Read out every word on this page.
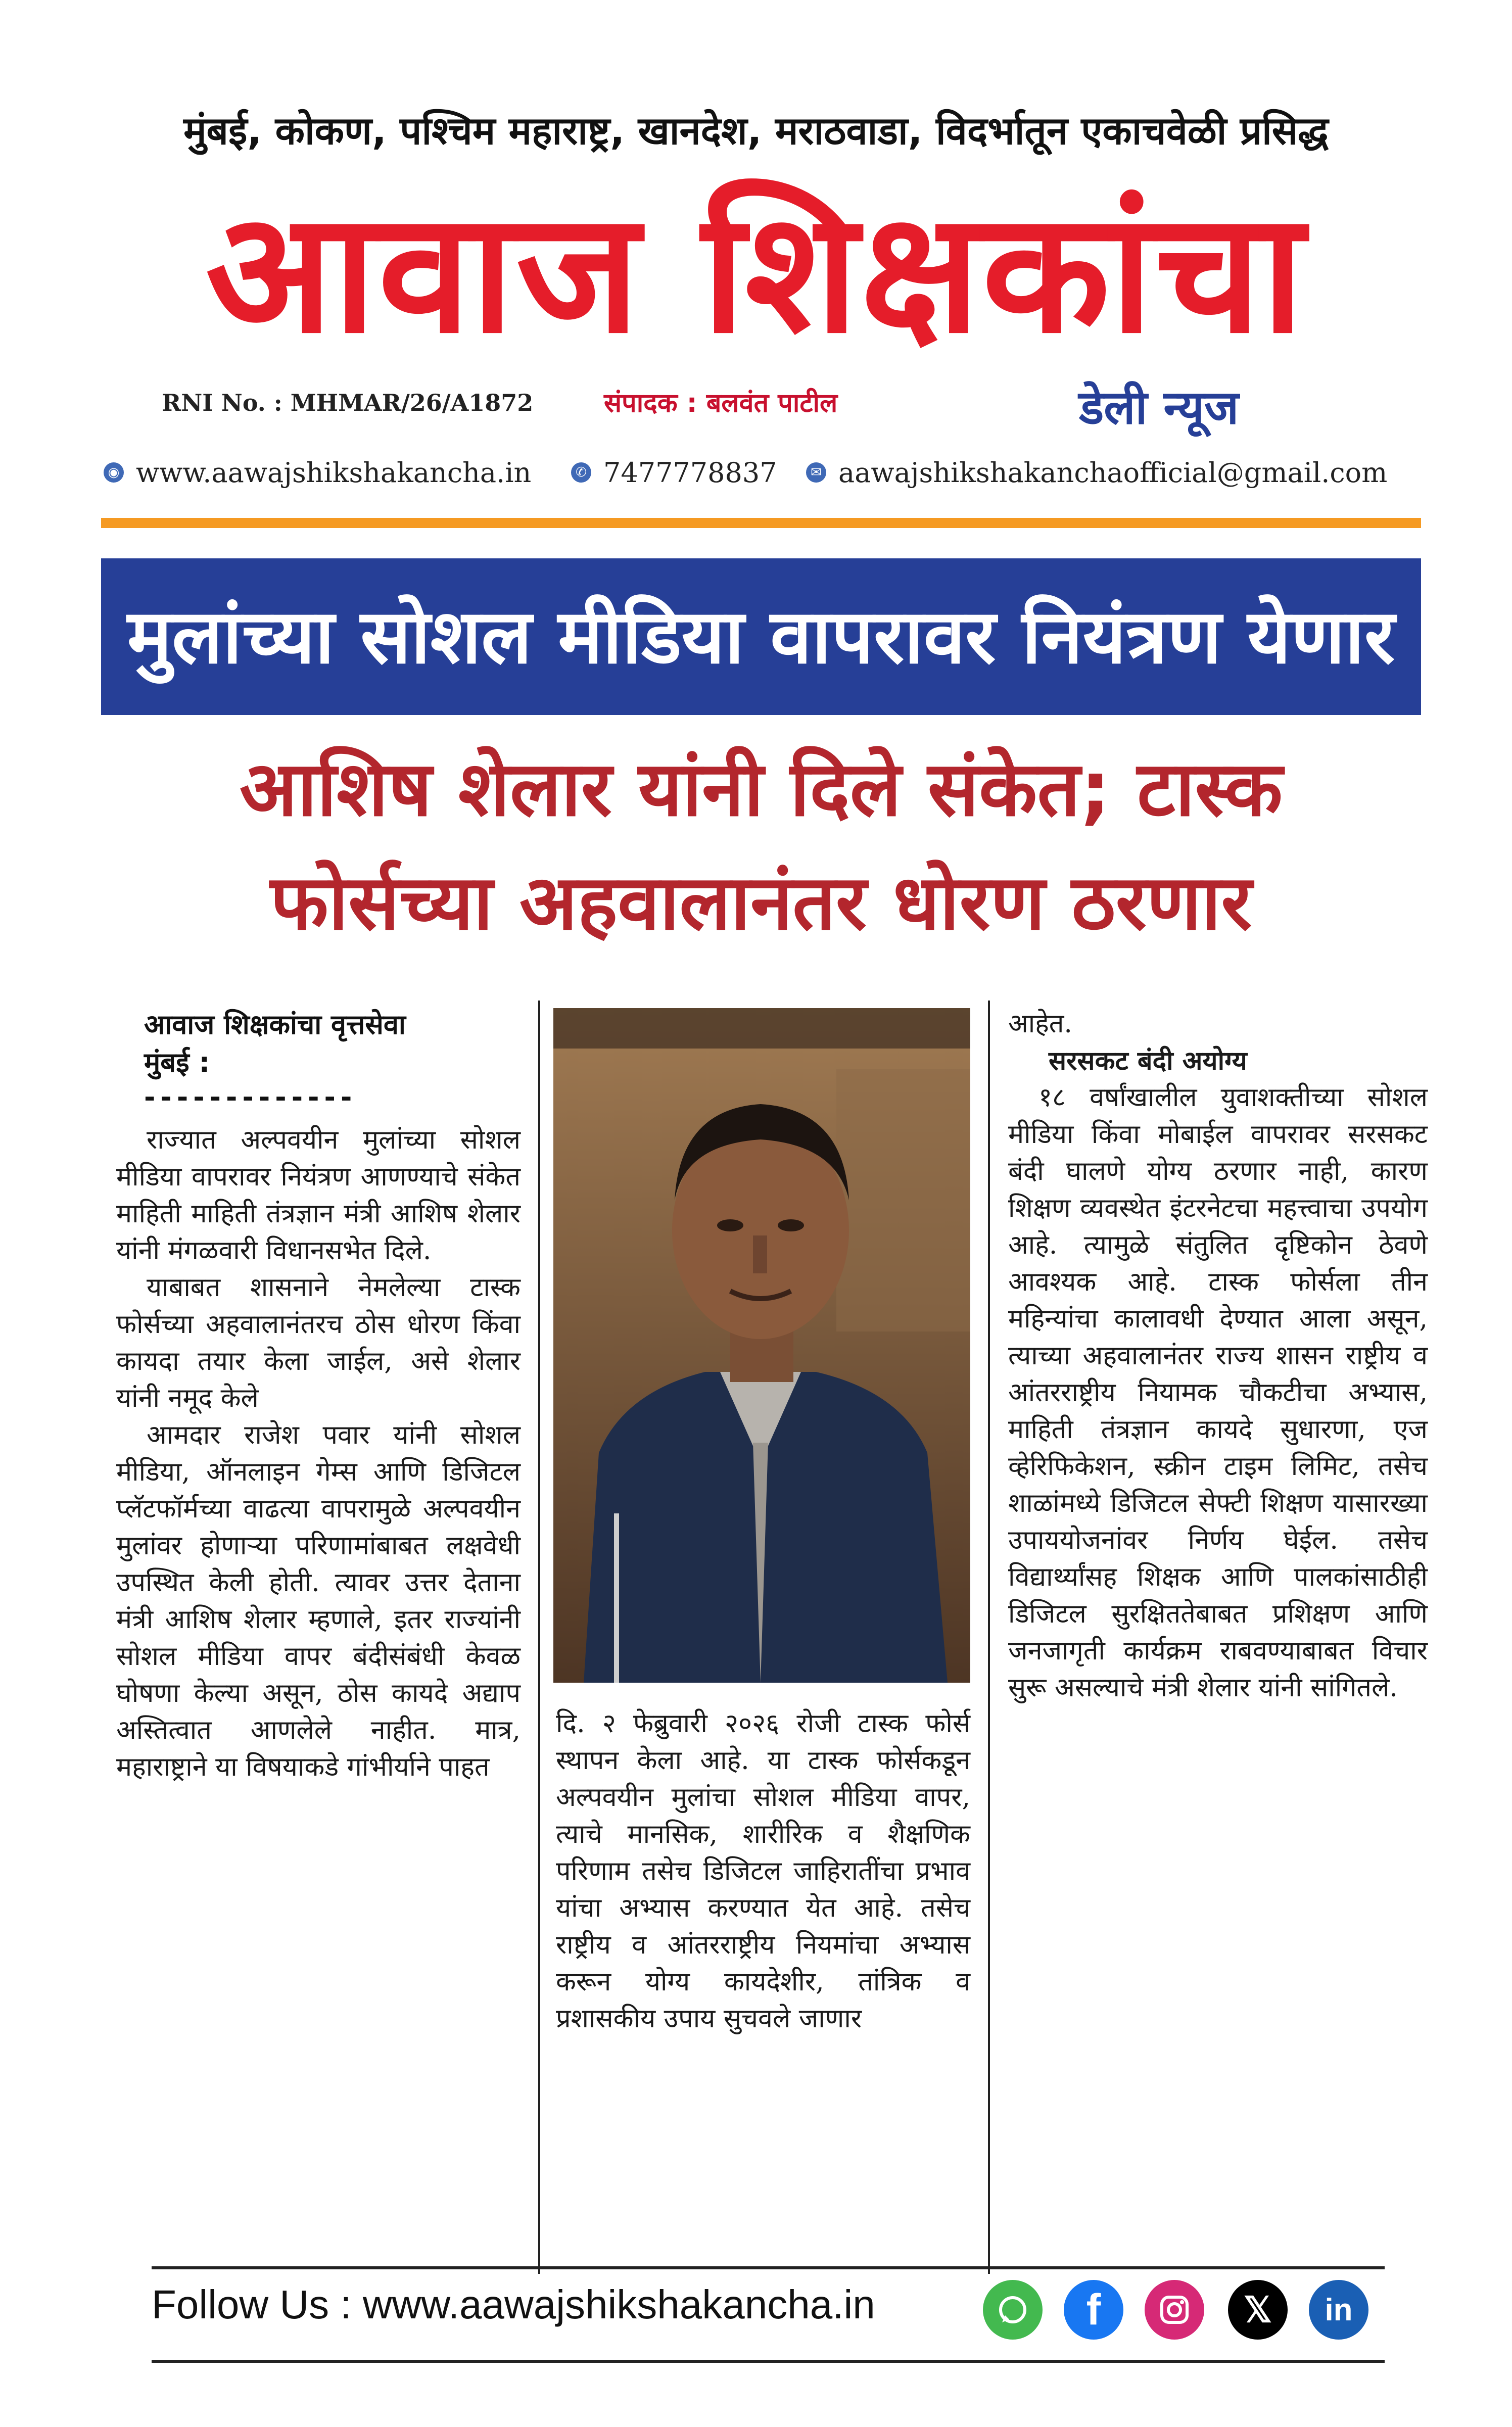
मुंबई, कोकण, पश्चिम महाराष्ट्र, खानदेश, मराठवाडा, विदर्भातून एकाचवेळी प्रसिद्ध
आवाज शिक्षकांचा
RNI No. : MHMAR/26/A1872	संपादक : बलवंत पाटील	डेली न्यूज
◉ www.aawajshikshakancha.in	✆ 7477778837	✉ aawajshikshakanchaofficial@gmail.com
मुलांच्या सोशल मीडिया वापरावर नियंत्रण येणार
आशिष शेलार यांनी दिले संकेत; टास्क
फोर्सच्या अहवालानंतर धोरण ठरणार
आवाज शिक्षकांचा वृत्तसेवा
मुंबई :
-------------

राज्यात अल्पवयीन मुलांच्या सोशल मीडिया वापरावर नियंत्रण आणण्याचे संकेत माहिती माहिती तंत्रज्ञान मंत्री आशिष शेलार यांनी मंगळवारी विधानसभेत दिले.

याबाबत शासनाने नेमलेल्या टास्क फोर्सच्या अहवालानंतरच ठोस धोरण किंवा कायदा तयार केला जाईल, असे शेलार यांनी नमूद केले

आमदार राजेश पवार यांनी सोशल मीडिया, ऑनलाइन गेम्स आणि डिजिटल प्लॅटफॉर्मच्या वाढत्या वापरामुळे अल्पवयीन मुलांवर होणाऱ्या परिणामांबाबत लक्षवेधी उपस्थित केली होती. त्यावर उत्तर देताना मंत्री आशिष शेलार म्हणाले, इतर राज्यांनी सोशल मीडिया वापर बंदीसंबंधी केवळ घोषणा केल्या असून, ठोस कायदे अद्याप अस्तित्वात आणलेले नाहीत. मात्र, महाराष्ट्राने या विषयाकडे गांभीर्याने पाहत

दि. २ फेब्रुवारी २०२६ रोजी टास्क फोर्स स्थापन केला आहे. या टास्क फोर्सकडून अल्पवयीन मुलांचा सोशल मीडिया वापर, त्याचे मानसिक, शारीरिक व शैक्षणिक परिणाम तसेच डिजिटल जाहिरातींचा प्रभाव यांचा अभ्यास करण्यात येत आहे. तसेच राष्ट्रीय व आंतरराष्ट्रीय नियमांचा अभ्यास करून योग्य कायदेशीर, तांत्रिक व प्रशासकीय उपाय सुचवले जाणार

आहेत.

सरसकट बंदी अयोग्य

१८ वर्षांखालील युवाशक्तीच्या सोशल मीडिया किंवा मोबाईल वापरावर सरसकट बंदी घालणे योग्य ठरणार नाही, कारण शिक्षण व्यवस्थेत इंटरनेटचा महत्त्वाचा उपयोग आहे. त्यामुळे संतुलित दृष्टिकोन ठेवणे आवश्यक आहे. टास्क फोर्सला तीन महिन्यांचा कालावधी देण्यात आला असून, त्याच्या अहवालानंतर राज्य शासन राष्ट्रीय व आंतरराष्ट्रीय नियामक चौकटीचा अभ्यास, माहिती तंत्रज्ञान कायदे सुधारणा, एज व्हेरिफिकेशन, स्क्रीन टाइम लिमिट, तसेच शाळांमध्ये डिजिटल सेफ्टी शिक्षण यासारख्या उपाययोजनांवर निर्णय घेईल. तसेच विद्यार्थ्यांसह शिक्षक आणि पालकांसाठीही डिजिटल सुरक्षिततेबाबत प्रशिक्षण आणि जनजागृती कार्यक्रम राबवण्याबाबत विचार सुरू असल्याचे मंत्री शेलार यांनी सांगितले.

Follow Us : www.aawajshikshakancha.in	f	𝕏	in
